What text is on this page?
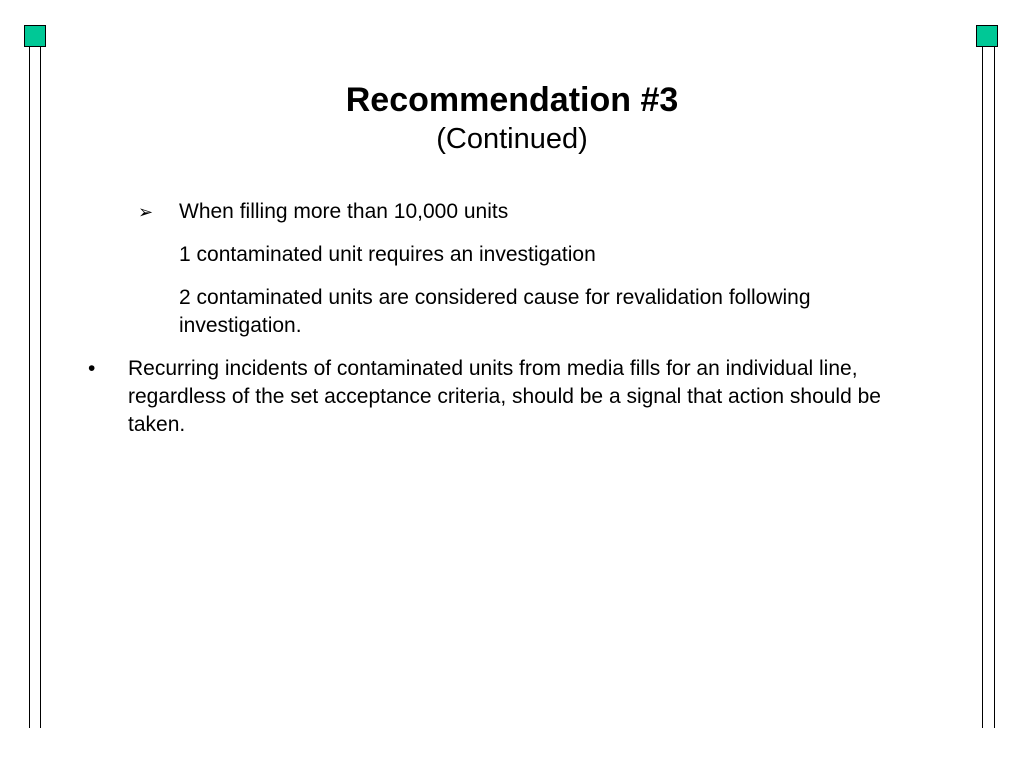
Recommendation #3
(Continued)
➢	When filling more than 10,000 units
1 contaminated unit requires an investigation
2 contaminated units are considered cause for revalidation following investigation.
•	Recurring incidents of contaminated units from media fills for an individual line, regardless of the set acceptance criteria, should be a signal that action should be taken.
